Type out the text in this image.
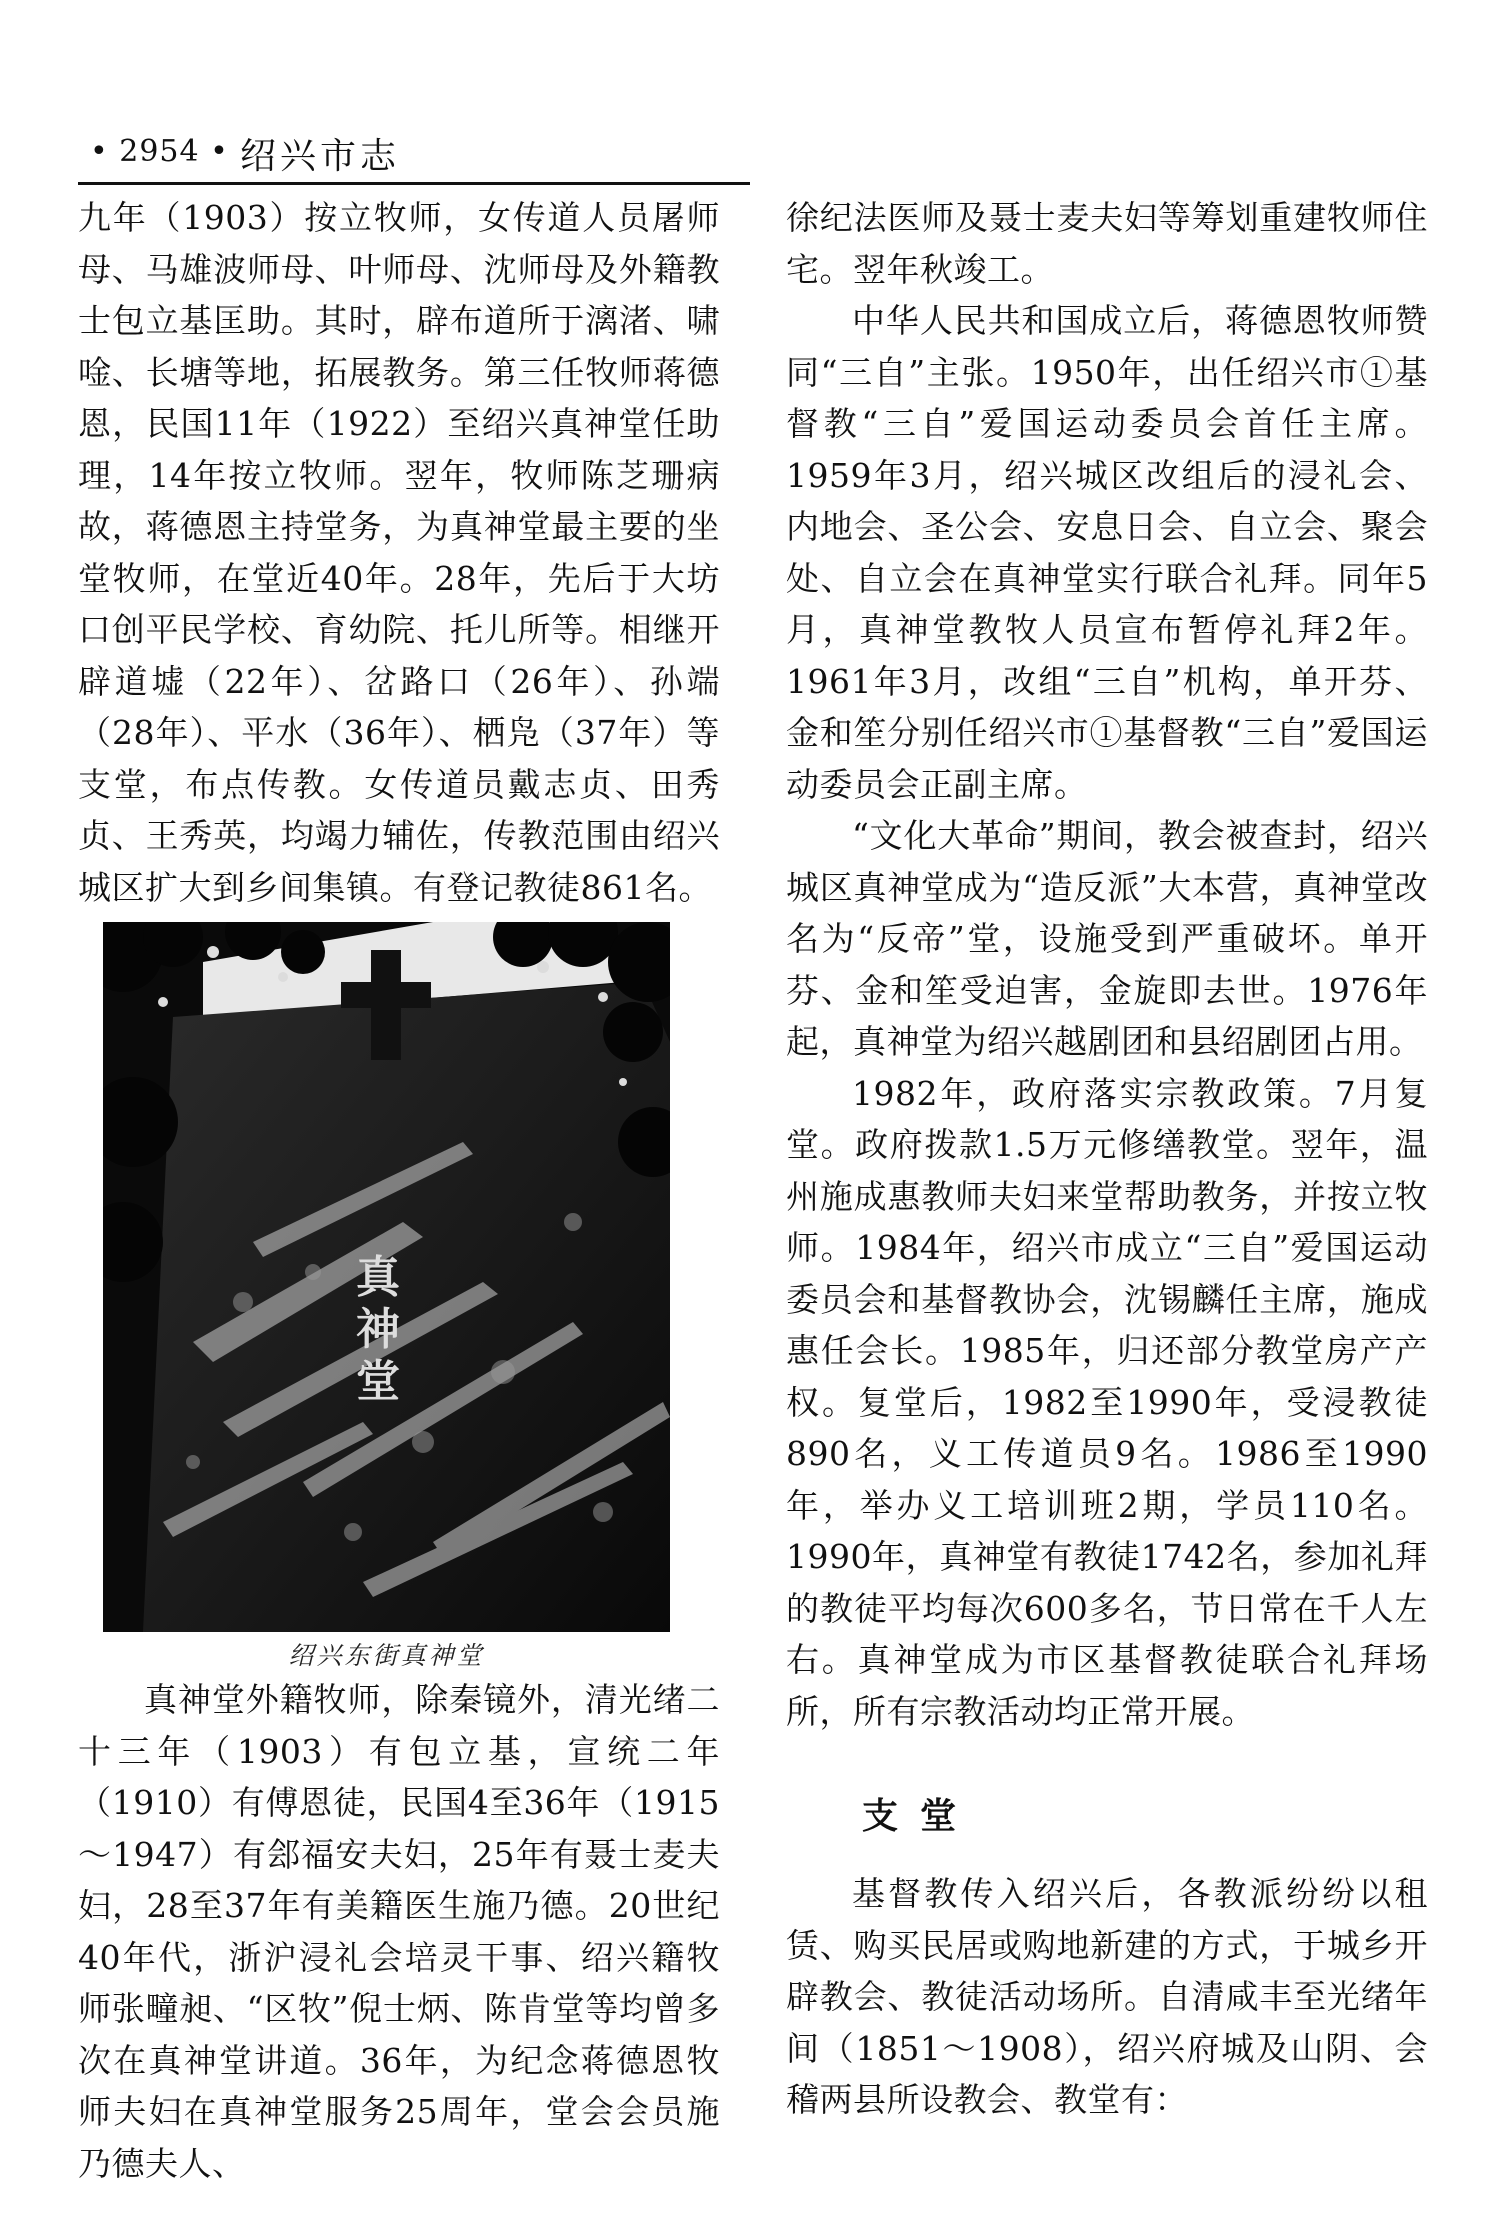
• 2954 • 绍兴市志

九年（1903）按立牧师，女传道人员屠师母、马雄波师母、叶师母、沈师母及外籍教士包立基匡助。其时，辟布道所于漓渚、啸唫、长塘等地，拓展教务。第三任牧师蒋德恩，民国11年（1922）至绍兴真神堂任助理，14年按立牧师。翌年，牧师陈芝珊病故，蒋德恩主持堂务，为真神堂最主要的坐堂牧师，在堂近40年。28年，先后于大坊口创平民学校、育幼院、托儿所等。相继开辟道墟（22年）、岔路口（26年）、孙端（28年）、平水（36年）、栖凫（37年）等支堂，布点传教。女传道员戴志贞、田秀贞、王秀英，均竭力辅佐，传教范围由绍兴城区扩大到乡间集镇。有登记教徒861名。

真
神
堂
绍兴东街真神堂

真神堂外籍牧师，除秦镜外，清光绪二十三年（1903）有包立基，宣统二年（1910）有傅恩徒，民国4至36年（1915～1947）有郐福安夫妇，25年有聂士麦夫妇，28至37年有美籍医生施乃德。20世纪40年代，浙沪浸礼会培灵干事、绍兴籍牧师张疃昶、“区牧”倪士炳、陈肯堂等均曾多次在真神堂讲道。36年，为纪念蒋德恩牧师夫妇在真神堂服务25周年，堂会会员施乃德夫人、

徐纪法医师及聂士麦夫妇等筹划重建牧师住宅。翌年秋竣工。

中华人民共和国成立后，蒋德恩牧师赞同“三自”主张。1950年，出任绍兴市①基督教“三自”爱国运动委员会首任主席。1959年3月，绍兴城区改组后的浸礼会、内地会、圣公会、安息日会、自立会、聚会处、自立会在真神堂实行联合礼拜。同年5月，真神堂教牧人员宣布暂停礼拜2年。1961年3月，改组“三自”机构，单开芬、金和笙分别任绍兴市①基督教“三自”爱国运动委员会正副主席。

“文化大革命”期间，教会被查封，绍兴城区真神堂成为“造反派”大本营，真神堂改名为“反帝”堂，设施受到严重破坏。单开芬、金和笙受迫害，金旋即去世。1976年起，真神堂为绍兴越剧团和县绍剧团占用。

1982年，政府落实宗教政策。7月复堂。政府拨款1.5万元修缮教堂。翌年，温州施成惠教师夫妇来堂帮助教务，并按立牧师。1984年，绍兴市成立“三自”爱国运动委员会和基督教协会，沈锡麟任主席，施成惠任会长。1985年，归还部分教堂房产产权。复堂后，1982至1990年，受浸教徒890名，义工传道员9名。1986至1990年，举办义工培训班2期，学员110名。1990年，真神堂有教徒1742名，参加礼拜的教徒平均每次600多名，节日常在千人左右。真神堂成为市区基督教徒联合礼拜场所，所有宗教活动均正常开展。

支堂

基督教传入绍兴后，各教派纷纷以租赁、购买民居或购地新建的方式，于城乡开辟教会、教徒活动场所。自清咸丰至光绪年间（1851～1908），绍兴府城及山阴、会稽两县所设教会、教堂有：
